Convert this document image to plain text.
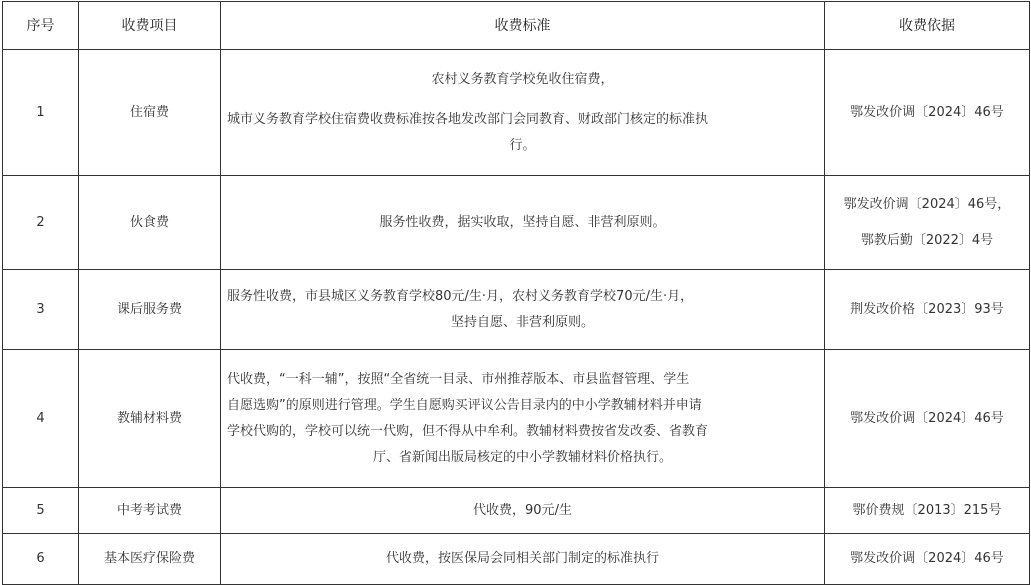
序号	收费项目	收费标准	收费依据
1	住宿费	农村义务教育学校免收住宿费，
城市义务教育学校住宿费收费标准按各地发改部门会同教育、财政部门核定的标准执
行。	鄂发改价调〔2024〕46号

2	伙食费	服务性收费，据实收取，坚持自愿、非营利原则。	鄂发改价调〔2024〕46号，
鄂教后勤〔2022〕4号

3	课后服务费	服务性收费，市县城区义务教育学校80元/生·月，农村义务教育学校70元/生·月，
坚持自愿、非营利原则。	荆发改价格〔2023〕93号

4	教辅材料费	代收费，“一科一辅”，按照“全省统一目录、市州推荐版本、市县监督管理、学生
自愿选购”的原则进行管理。学生自愿购买评议公告目录内的中小学教辅材料并申请
学校代购的，学校可以统一代购，但不得从中牟利。教辅材料费按省发改委、省教育
厅、省新闻出版局核定的中小学教辅材料价格执行。	鄂发改价调〔2024〕46号

5	中考考试费	代收费，90元/生	鄂价费规〔2013〕215号

6	基本医疗保险费	代收费，按医保局会同相关部门制定的标准执行	鄂发改价调〔2024〕46号
